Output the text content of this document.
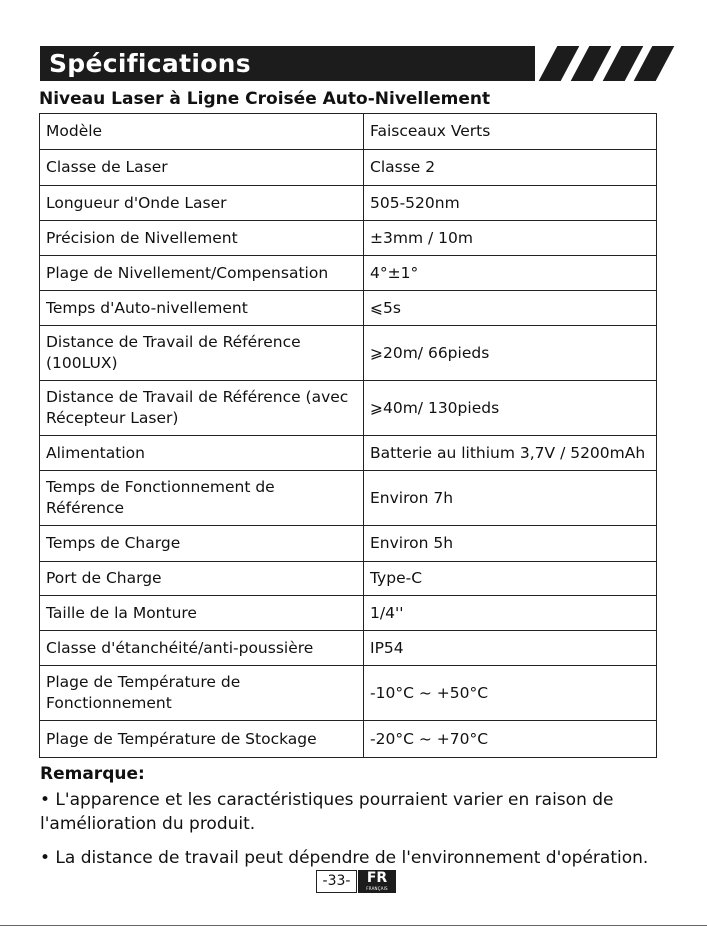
Spécifications
Niveau Laser à Ligne Croisée Auto-Nivellement
Modèle	Faisceaux Verts
Classe de Laser	Classe 2
Longueur d'Onde Laser	505-520nm
Précision de Nivellement	±3mm / 10m
Plage de Nivellement/Compensation	4°±1°
Temps d'Auto-nivellement	⩽5s
Distance de Travail de Référence (100LUX)	⩾20m/ 66pieds
Distance de Travail de Référence (avec Récepteur Laser)	⩾40m/ 130pieds
Alimentation	Batterie au lithium 3,7V / 5200mAh
Temps de Fonctionnement de Référence	Environ 7h
Temps de Charge	Environ 5h
Port de Charge	Type-C
Taille de la Monture	1/4''
Classe d'étanchéité/anti-poussière	IP54
Plage de Température de Fonctionnement	-10°C ~ +50°C
Plage de Température de Stockage	-20°C ~ +70°C
Remarque:
• L'apparence et les caractéristiques pourraient varier en raison de l'amélioration du produit.
• La distance de travail peut dépendre de l'environnement d'opération.
-33-	FR
FRANÇAIS
